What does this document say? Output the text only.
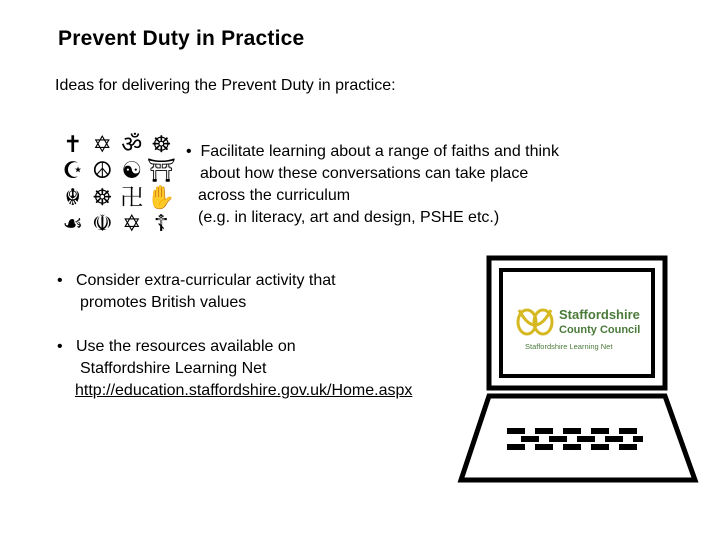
Prevent Duty in Practice
Ideas for delivering the Prevent Duty in practice:
✝ ✡ ॐ ☸
☪ ☮ ☯ ⛩
☬ ☸ 卍 ✋
☙ ☫ ✡ ☦
• Facilitate learning about a range of faiths and think
about how these conversations can take place
across the curriculum
(e.g. in literacy, art and design, PSHE etc.)
• Consider extra-curricular activity that
promotes British values
• Use the resources available on
Staffordshire Learning Net
http://education.staffordshire.gov.uk/Home.aspx
Staffordshire
County Council
Staffordshire Learning Net
